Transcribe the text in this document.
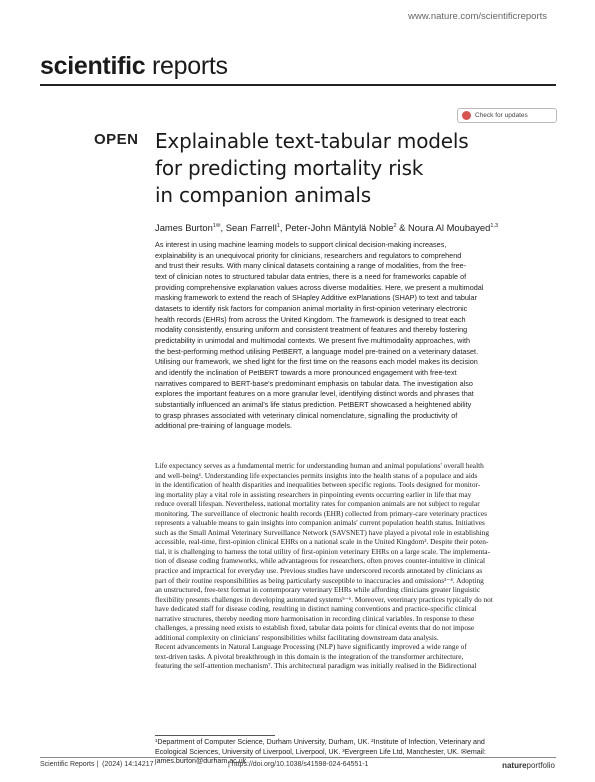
www.nature.com/scientificreports
scientific reports
Check for updates
OPEN Explainable text-tabular models
for predicting mortality risk
in companion animals
James Burton$^{1✉}$, Sean Farrell$^1$, Peter-John Mäntylä Noble$^2$ & Noura Al Moubayed$^{1,3}$
As interest in using machine learning models to support clinical decision-making increases,
explainability is an unequivocal priority for clinicians, researchers and regulators to comprehend
and trust their results. With many clinical datasets containing a range of modalities, from the free-
text of clinician notes to structured tabular data entries, there is a need for frameworks capable of
providing comprehensive explanation values across diverse modalities. Here, we present a multimodal
masking framework to extend the reach of SHapley Additive exPlanations (SHAP) to text and tabular
datasets to identify risk factors for companion animal mortality in first-opinion veterinary electronic
health records (EHRs) from across the United Kingdom. The framework is designed to treat each
modality consistently, ensuring uniform and consistent treatment of features and thereby fostering
predictability in unimodal and multimodal contexts. We present five multimodality approaches, with
the best-performing method utilising PetBERT, a language model pre-trained on a veterinary dataset.
Utilising our framework, we shed light for the first time on the reasons each model makes its decision
and identify the inclination of PetBERT towards a more pronounced engagement with free-text
narratives compared to BERT-base's predominant emphasis on tabular data. The investigation also
explores the important features on a more granular level, identifying distinct words and phrases that
substantially influenced an animal's life status prediction. PetBERT showcased a heightened ability
to grasp phrases associated with veterinary clinical nomenclature, signalling the productivity of
additional pre-training of language models.
Life expectancy serves as a fundamental metric for understanding human and animal populations' overall health
and well-being¹. Understanding life expectancies permits insights into the health status of a populace and aids
in the identification of health disparities and inequalities between specific regions. Tools designed for monitor-
ing mortality play a vital role in assisting researchers in pinpointing events occurring earlier in life that may
reduce overall lifespan. Nevertheless, national mortality rates for companion animals are not subject to regular
monitoring. The surveillance of electronic health records (EHR) collected from primary-care veterinary practices
represents a valuable means to gain insights into companion animals' current population health status. Initiatives
such as the Small Animal Veterinary Surveillance Network (SAVSNET) have played a pivotal role in establishing
accessible, real-time, first-opinion clinical EHRs on a national scale in the United Kingdom². Despite their poten-
tial, it is challenging to harness the total utility of first-opinion veterinary EHRs on a large scale. The implementa-
tion of disease coding frameworks, while advantageous for researchers, often proves counter-intuitive in clinical
practice and impractical for everyday use. Previous studies have underscored records annotated by clinicians as
part of their routine responsibilities as being particularly susceptible to inaccuracies and omissions³⁻⁴. Adopting
an unstructured, free-text format in contemporary veterinary EHRs while affording clinicians greater linguistic
flexibility presents challenges in developing automated systems⁵⁻⁶. Moreover, veterinary practices typically do not
have dedicated staff for disease coding, resulting in distinct naming conventions and practice-specific clinical
narrative structures, thereby needing more harmonisation in recording clinical variables. In response to these
challenges, a pressing need exists to establish fixed, tabular data points for clinical events that do not impose
additional complexity on clinicians' responsibilities whilst facilitating downstream data analysis.
Recent advancements in Natural Language Processing (NLP) have significantly improved a wide range of
text-driven tasks. A pivotal breakthrough in this domain is the integration of the transformer architecture,
featuring the self-attention mechanism⁷. This architectural paradigm was initially realised in the Bidirectional
¹Department of Computer Science, Durham University, Durham, UK. ²Institute of Infection, Veterinary and
Ecological Sciences, University of Liverpool, Liverpool, UK. ³Evergreen Life Ltd, Manchester, UK. ✉email:
james.burton@durham.ac.uk
Scientific Reports | (2024) 14:14217	| https://doi.org/10.1038/s41598-024-64551-1	natureportfolio
